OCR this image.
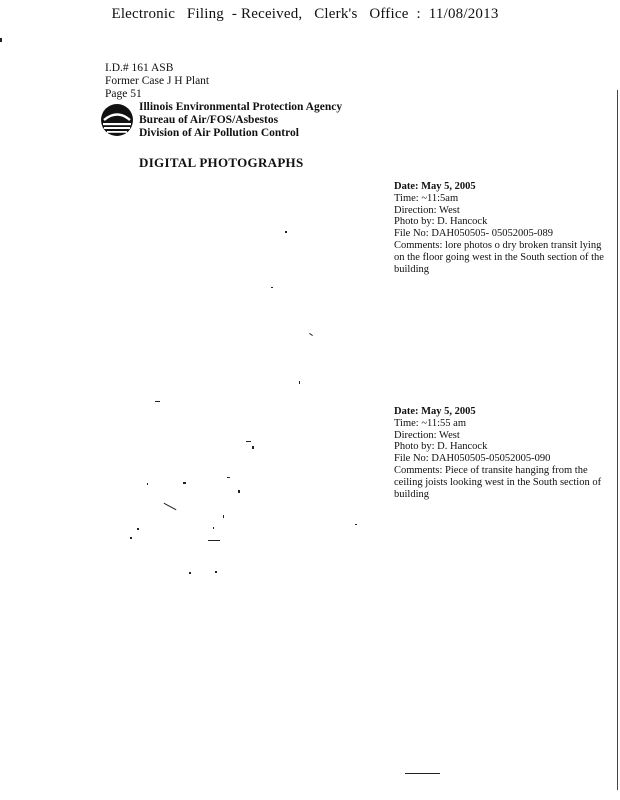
Electronic   Filing  - Received,   Clerk's   Office  :  11/08/2013
I.D.# 161 ASB
Former Case J H Plant
Page 51
Illinois Environmental Protection Agency
Bureau of Air/FOS/Asbestos
Division of Air Pollution Control
DIGITAL PHOTOGRAPHS
Date: May 5, 2005
Time: ~11:5am
Direction: West
Photo by: D. Hancock
File No: DAH050505- 05052005-089
Comments: lore photos o dry broken transit lying on the floor going west in the South section of the building
Date: May 5, 2005
Time: ~11:55 am
Direction: West
Photo by: D. Hancock
File No: DAH050505-05052005-090
Comments: Piece of transite hanging from the ceiling joists looking west in the South section of building
